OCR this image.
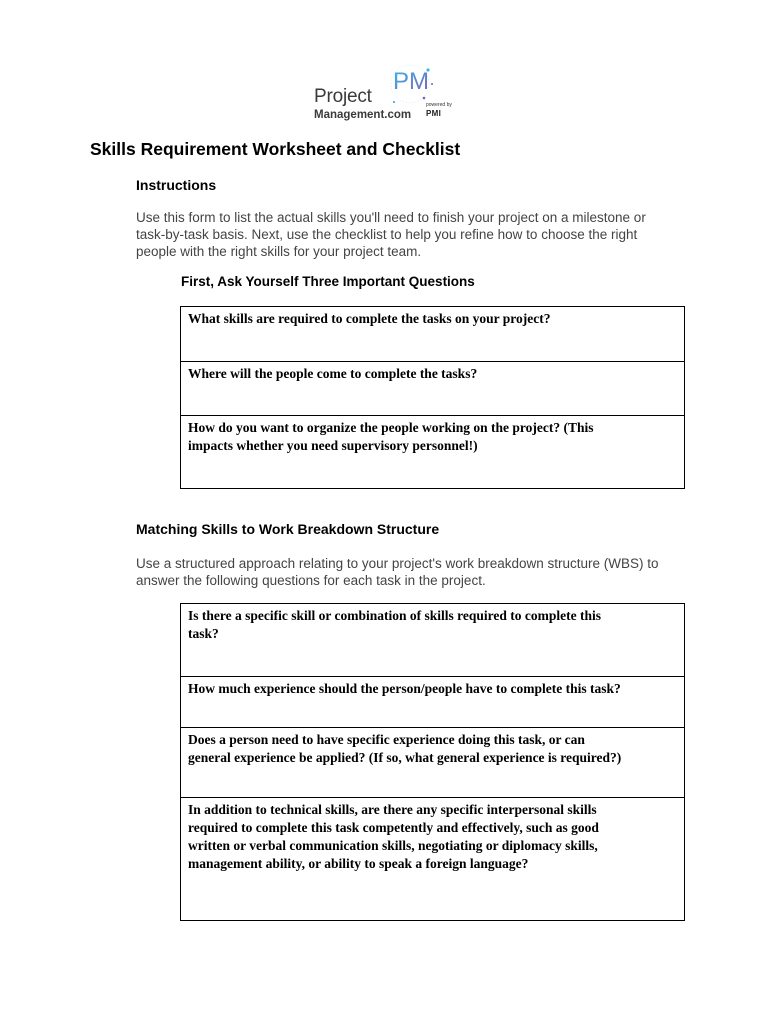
PM
Project
Management.com
powered by
PMI
Skills Requirement Worksheet and Checklist
Instructions
Use this form to list the actual skills you'll need to finish your project on a milestone or
task-by-task basis. Next, use the checklist to help you refine how to choose the right
people with the right skills for your project team.
First, Ask Yourself Three Important Questions
What skills are required to complete the tasks on your project?

Where will the people come to complete the tasks?

How do you want to organize the people working on the project? (This
impacts whether you need supervisory personnel!)
Matching Skills to Work Breakdown Structure
Use a structured approach relating to your project's work breakdown structure (WBS) to
answer the following questions for each task in the project.
Is there a specific skill or combination of skills required to complete this
task?

How much experience should the person/people have to complete this task?

Does a person need to have specific experience doing this task, or can
general experience be applied? (If so, what general experience is required?)

In addition to technical skills, are there any specific interpersonal skills
required to complete this task competently and effectively, such as good
written or verbal communication skills, negotiating or diplomacy skills,
management ability, or ability to speak a foreign language?
